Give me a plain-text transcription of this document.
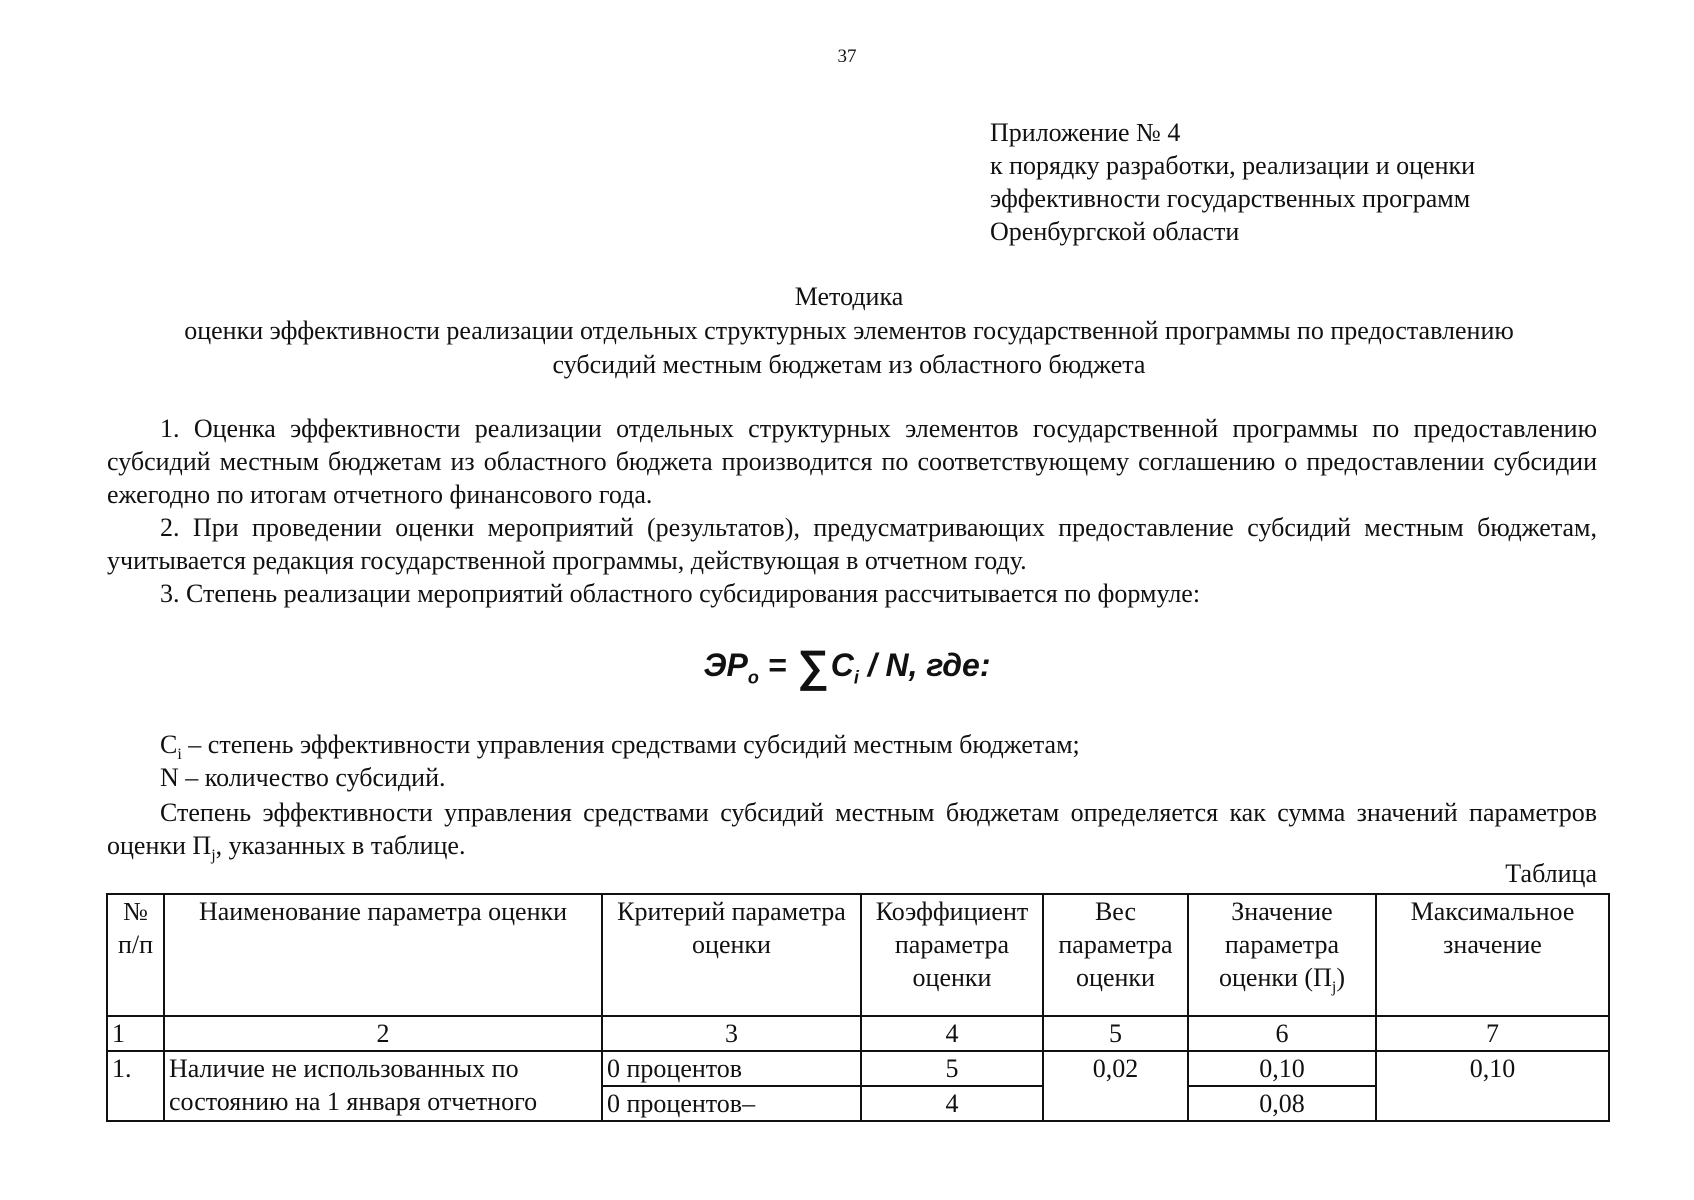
37
Приложение № 4
к порядку разработки, реализации и оценки
эффективности государственных программ
Оренбургской области
Методика
оценки эффективности реализации отдельных структурных элементов государственной программы по предоставлению
субсидий местным бюджетам из областного бюджета
1. Оценка эффективности реализации отдельных структурных элементов государственной программы по предоставлению субсидий местным бюджетам из областного бюджета производится по соответствующему соглашению о предоставлении субсидии ежегодно по итогам отчетного финансового года.
2. При проведении оценки мероприятий (результатов), предусматривающих предоставление субсидий местным бюджетам, учитывается редакция государственной программы, действующая в отчетном году.
3. Степень реализации мероприятий областного субсидирования рассчитывается по формуле:
$ЭР_о = \sum C_i / N$, где:
$C_i$ – степень эффективности управления средствами субсидий местным бюджетам;
N – количество субсидий.
Степень эффективности управления средствами субсидий местным бюджетам определяется как сумма значений параметров оценки $П_j$, указанных в таблице.
Таблица
№ п/п	Наименование параметра оценки	Критерий параметра оценки	Коэффициент параметра оценки	Вес параметра оценки	Значение параметра оценки $(П_j)$	Максимальное значение
1	2	3	4	5	6	7
1.	Наличие не использованных по состоянию на 1 января отчетного	0 процентов	5	0,02	0,10	0,10
		0 процентов–	4		0,08	
